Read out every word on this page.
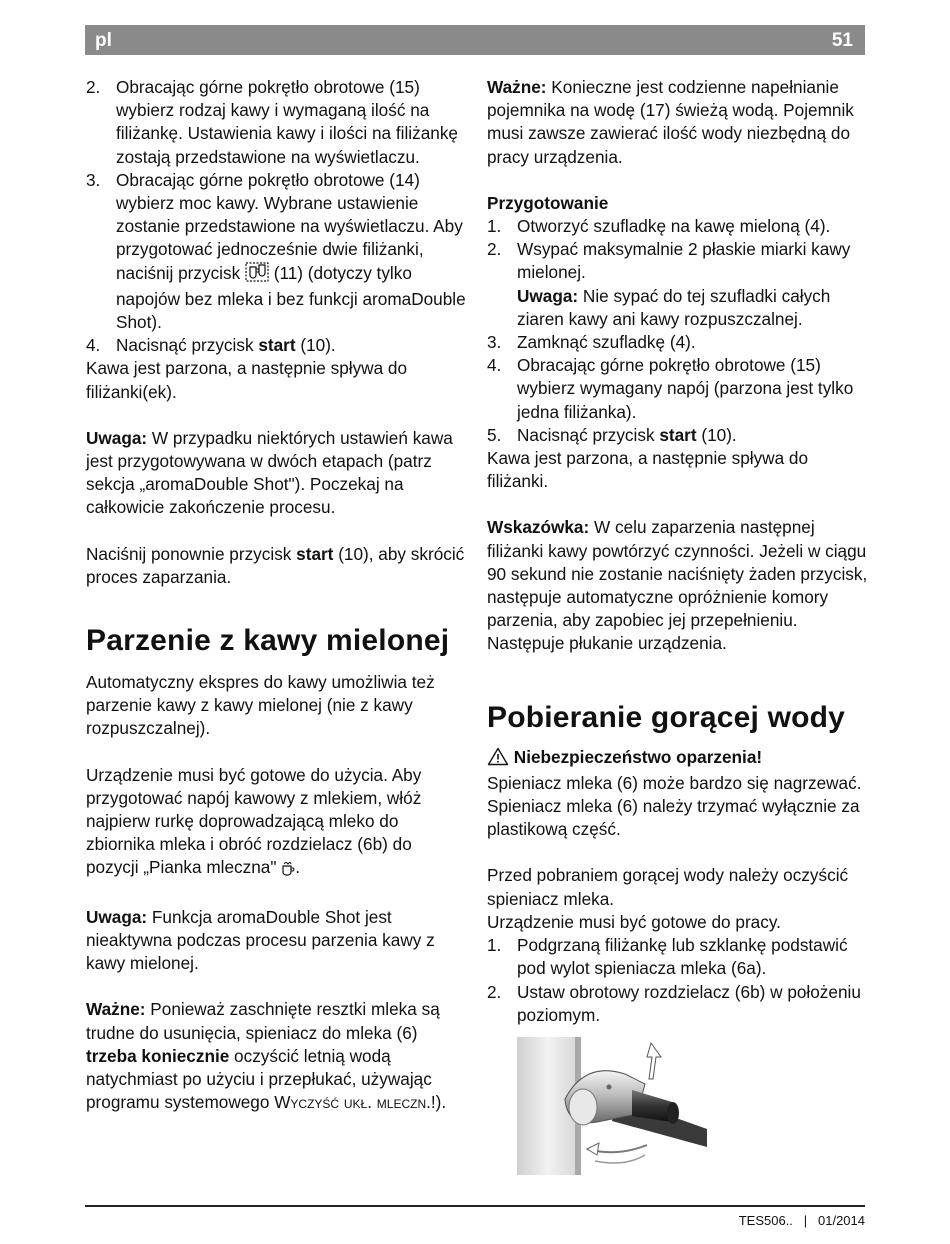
pl	51
2. Obracając górne pokrętło obrotowe (15) wybierz rodzaj kawy i wymaganą ilość na filiżankę. Ustawienia kawy i ilości na filiżankę zostają przedstawione na wyświetlaczu.
3. Obracając górne pokrętło obrotowe (14) wybierz moc kawy. Wybrane ustawienie zostanie przedstawione na wyświetlaczu. Aby przygotować jednocześnie dwie filiżanki, naciśnij przycisk  (11) (dotyczy tylko napojów bez mleka i bez funkcji aromaDouble Shot).
4. Nacisnąć przycisk start (10).

Kawa jest parzona, a następnie spływa do filiżanki(ek).

Uwaga: W przypadku niektórych ustawień kawa jest przygotowywana w dwóch etapach (patrz sekcja „aromaDouble Shot"). Poczekaj na całkowicie zakończenie procesu.

Naciśnij ponownie przycisk start (10), aby skrócić proces zaparzania.

Parzenie z kawy mielonej

Automatyczny ekspres do kawy umożliwia też parzenie kawy z kawy mielonej (nie z kawy rozpuszczalnej).

Urządzenie musi być gotowe do użycia. Aby przygotować napój kawowy z mlekiem, włóż najpierw rurkę doprowadzającą mleko do zbiornika mleka i obróć rozdzielacz (6b) do pozycji „Pianka mleczna" .

Uwaga: Funkcja aromaDouble Shot jest nieaktywna podczas procesu parzenia kawy z kawy mielonej.

Ważne: Ponieważ zaschnięte resztki mleka są trudne do usunięcia, spieniacz do mleka (6) trzeba koniecznie oczyścić letnią wodą natychmiast po użyciu i przepłukać, używając programu systemowego Wyczyść ukł. mleczn.!).

Ważne: Konieczne jest codzienne napełnianie pojemnika na wodę (17) świeżą wodą. Pojemnik musi zawsze zawierać ilość wody niezbędną do pracy urządzenia.

Przygotowanie

1. Otworzyć szufladkę na kawę mieloną (4).
2. Wsypać maksymalnie 2 płaskie miarki kawy mielonej.
Uwaga: Nie sypać do tej szufladki całych ziaren kawy ani kawy rozpuszczalnej.
3. Zamknąć szufladkę (4).
4. Obracając górne pokrętło obrotowe (15) wybierz wymagany napój (parzona jest tylko jedna filiżanka).
5. Nacisnąć przycisk start (10).

Kawa jest parzona, a następnie spływa do filiżanki.

Wskazówka: W celu zaparzenia następnej filiżanki kawy powtórzyć czynności. Jeżeli w ciągu 90 sekund nie zostanie naciśnięty żaden przycisk, następuje automatyczne opróżnienie komory parzenia, aby zapobiec jej przepełnieniu. Następuje płukanie urządzenia.

Pobieranie gorącej wody

Niebezpieczeństwo oparzenia!

Spieniacz mleka (6) może bardzo się nagrzewać. Spieniacz mleka (6) należy trzymać wyłącznie za plastikową część.

Przed pobraniem gorącej wody należy oczyścić spieniacz mleka.

Urządzenie musi być gotowe do pracy.

1. Podgrzaną filiżankę lub szklankę podstawić pod wylot spieniacza mleka (6a).
2. Ustaw obrotowy rozdzielacz (6b) w położeniu poziomym.
TES506.. | 01/2014
